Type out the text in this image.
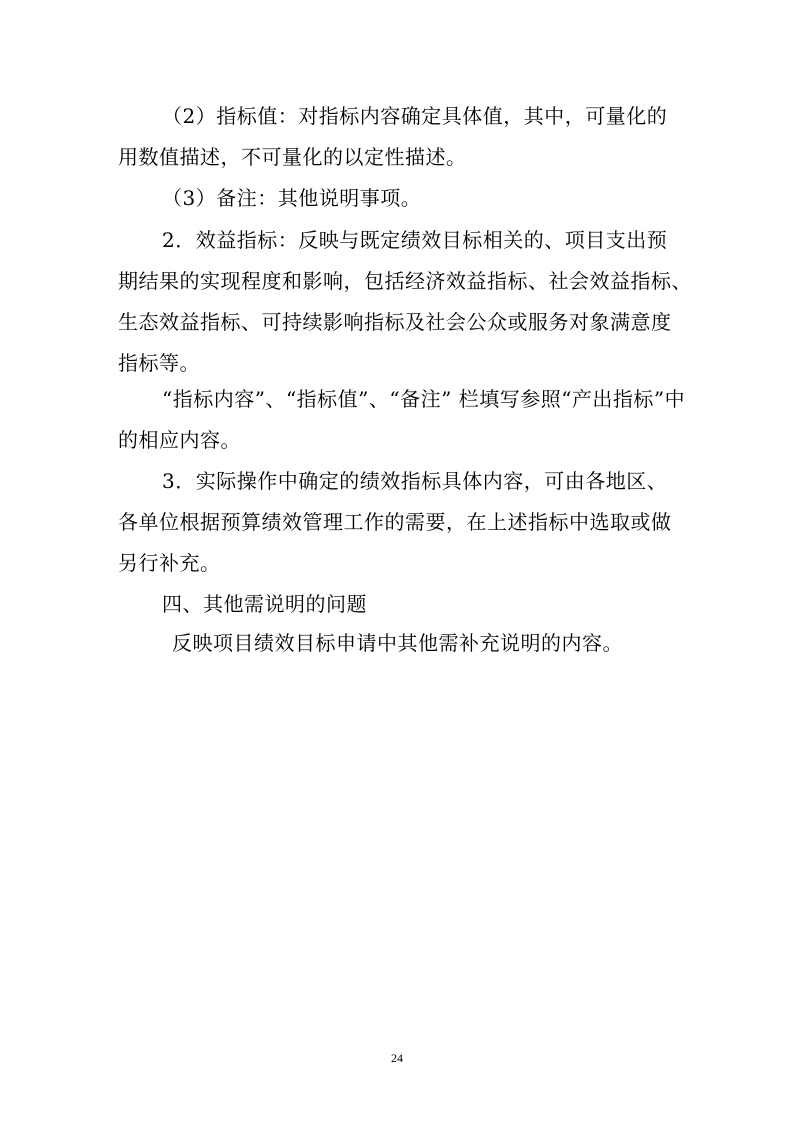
（2）指标值：对指标内容确定具体值，其中，可量化的
用数值描述，不可量化的以定性描述。
（3）备注：其他说明事项。
2．效益指标：反映与既定绩效目标相关的、项目支出预
期结果的实现程度和影响，包括经济效益指标、社会效益指标、
生态效益指标、可持续影响指标及社会公众或服务对象满意度
指标等。
“指标内容”、“指标值”、“备注” 栏填写参照“产出指标”中
的相应内容。
3．实际操作中确定的绩效指标具体内容，可由各地区、
各单位根据预算绩效管理工作的需要，在上述指标中选取或做
另行补充。
四、其他需说明的问题
反映项目绩效目标申请中其他需补充说明的内容。
24
